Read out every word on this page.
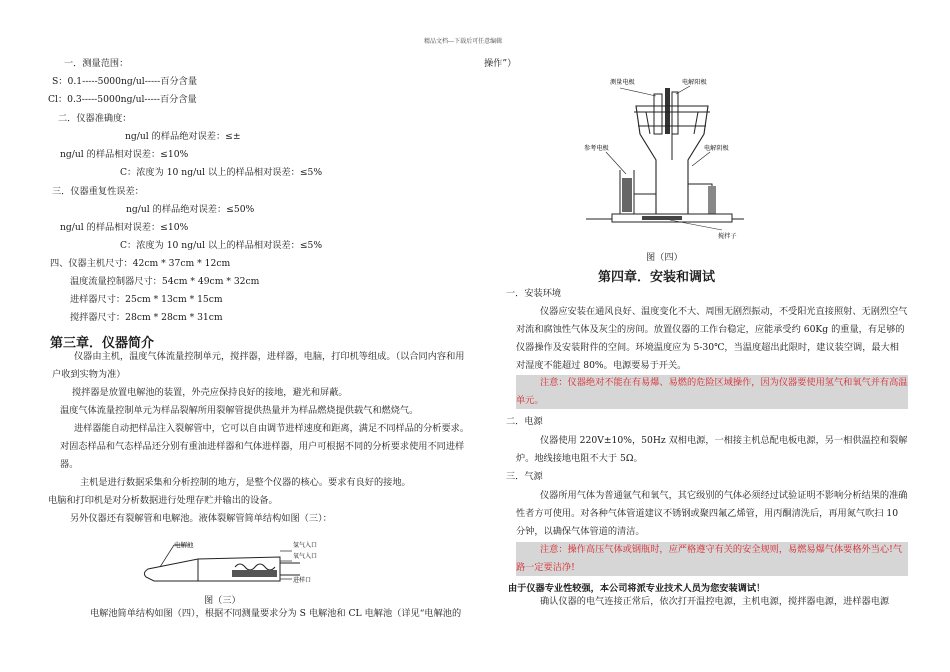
精品文档---下载后可任意编辑
一．测量范围：
S：0.1-----5000ng/ul-----百分含量
Cl：0.3-----5000ng/ul-----百分含量
二．仪器准确度：
ng/ul 的样品绝对误差：≤±
ng/ul 的样品相对误差：≤10%
C：浓度为 10 ng/ul 以上的样品相对误差：≤5%
三．仪器重复性误差：
ng/ul 的样品绝对误差：≤50%
ng/ul 的样品相对误差：≤10%
C：浓度为 10 ng/ul 以上的样品相对误差：≤5%
四、仪器主机尺寸：42cm * 37cm * 12cm
温度流量控制器尺寸：54cm * 49cm * 32cm
进样器尺寸：25cm * 13cm * 15cm
搅拌器尺寸：28cm * 28cm * 31cm
第三章．仪器简介
仪器由主机，温度气体流量控制单元，搅拌器，进样器，电脑，打印机等组成。（以合同内容和用户收到实物为准）
搅拌器是放置电解池的装置，外壳应保持良好的接地，避光和屏蔽。
温度气体流量控制单元为样品裂解所用裂解管提供热量并为样品燃烧提供载气和燃烧气。
进样器能自动把样品注入裂解管中，它可以自由调节进样速度和距离，满足不同样品的分析要求。对固态样品和气态样品还分别有重油进样器和气体进样器，用户可根据不同的分析要求使用不同进样器。
主机是进行数据采集和分析控制的地方，是整个仪器的核心。要求有良好的接地。
电脑和打印机是对分析数据进行处理存贮并输出的设备。
另外仪器还有裂解管和电解池。液体裂解管简单结构如图（三）：
电解池	氢气入口
氧气入口
进样口
图（三）
电解池简单结构如图（四），根据不同测量要求分为 S 电解池和 CL 电解池（详见“电解池的
操作”）
测量电极	电解阳极
参考电极	电解阴极
搅拌子
图（四）
第四章．安装和调试
一．安装环境
仪器应安装在通风良好、温度变化不大、周围无剧烈振动，不受阳光直接照射、无剧烈空气对流和腐蚀性气体及灰尘的房间。放置仪器的工作台稳定，应能承受约 60Kg 的重量，有足够的仪器操作及安装附件的空间。环境温度应为 5-30℃，当温度超出此限时，建议装空调，最大相对湿度不能超过 80%。电源要易于开关。
注意：仪器绝对不能在有易爆、易燃的危险区域操作，因为仪器要使用氢气和氧气并有高温单元。
二．电源
仪器使用 220V±10%，50Hz 双相电源，一相接主机总配电板电源，另一相供温控和裂解炉。地线接地电阻不大于 5Ω。
三．气源
仪器所用气体为普通氩气和氧气，其它级别的气体必须经过试验证明不影响分析结果的准确性者方可使用。对各种气体管道建议不锈钢或聚四氟乙烯管，用丙酮清洗后，再用氮气吹扫 10 分钟，以确保气体管道的清洁。
注意：操作高压气体或钢瓶时，应严格遵守有关的安全规则，易燃易爆气体要格外当心!气路一定要洁净!
由于仪器专业性较强，本公司将派专业技术人员为您安装调试！
确认仪器的电气连接正常后，依次打开温控电源，主机电源，搅拌器电源，进样器电源
